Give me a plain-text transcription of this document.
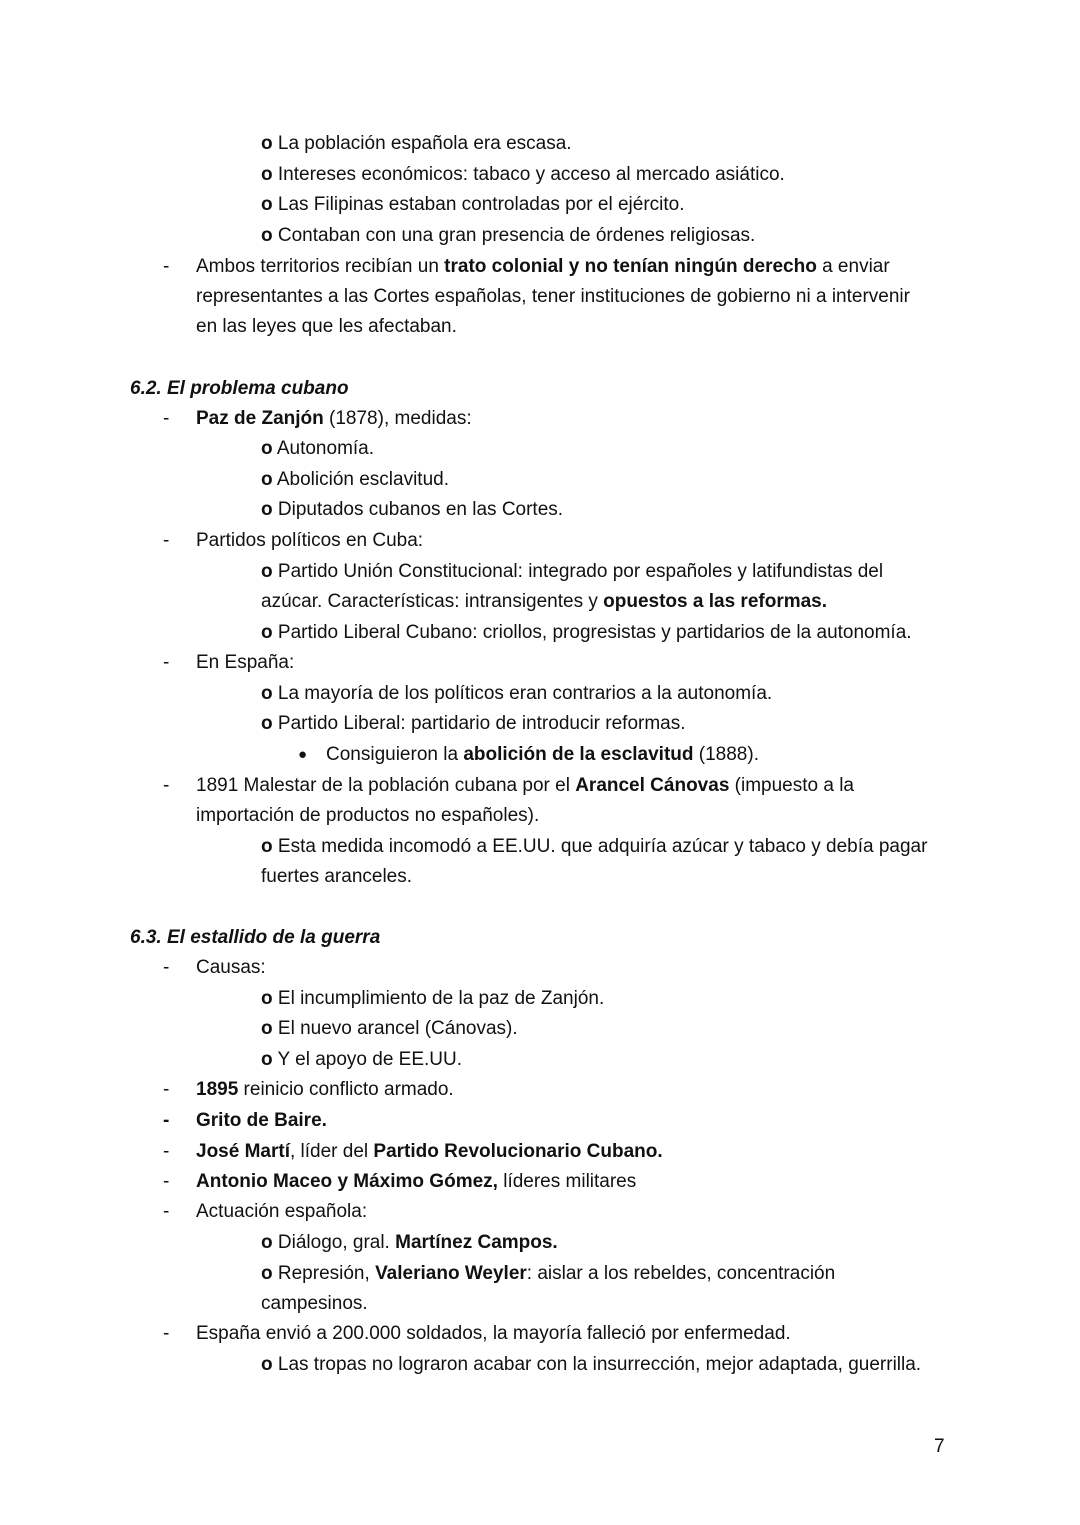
o La población española era escasa.
o Intereses económicos: tabaco y acceso al mercado asiático.
o Las Filipinas estaban controladas por el ejército.
o Contaban con una gran presencia de órdenes religiosas.
- Ambos territorios recibían un trato colonial y no tenían ningún derecho a enviar
representantes a las Cortes españolas, tener instituciones de gobierno ni a intervenir
en las leyes que les afectaban.
6.2. El problema cubano
- Paz de Zanjón (1878), medidas:
o Autonomía.
o Abolición esclavitud.
o Diputados cubanos en las Cortes.
- Partidos políticos en Cuba:
o Partido Unión Constitucional: integrado por españoles y latifundistas del
azúcar. Características: intransigentes y opuestos a las reformas.
o Partido Liberal Cubano: criollos, progresistas y partidarios de la autonomía.
- En España:
o La mayoría de los políticos eran contrarios a la autonomía.
o Partido Liberal: partidario de introducir reformas.
● Consiguieron la abolición de la esclavitud (1888).
- 1891 Malestar de la población cubana por el Arancel Cánovas (impuesto a la
importación de productos no españoles).
o Esta medida incomodó a EE.UU. que adquiría azúcar y tabaco y debía pagar
fuertes aranceles.
6.3. El estallido de la guerra
- Causas:
o El incumplimiento de la paz de Zanjón.
o El nuevo arancel (Cánovas).
o Y el apoyo de EE.UU.
- 1895 reinicio conflicto armado.
- Grito de Baire.
- José Martí, líder del Partido Revolucionario Cubano.
- Antonio Maceo y Máximo Gómez, líderes militares
- Actuación española:
o Diálogo, gral. Martínez Campos.
o Represión, Valeriano Weyler: aislar a los rebeldes, concentración
campesinos.
- España envió a 200.000 soldados, la mayoría falleció por enfermedad.
o Las tropas no lograron acabar con la insurrección, mejor adaptada, guerrilla.
7
